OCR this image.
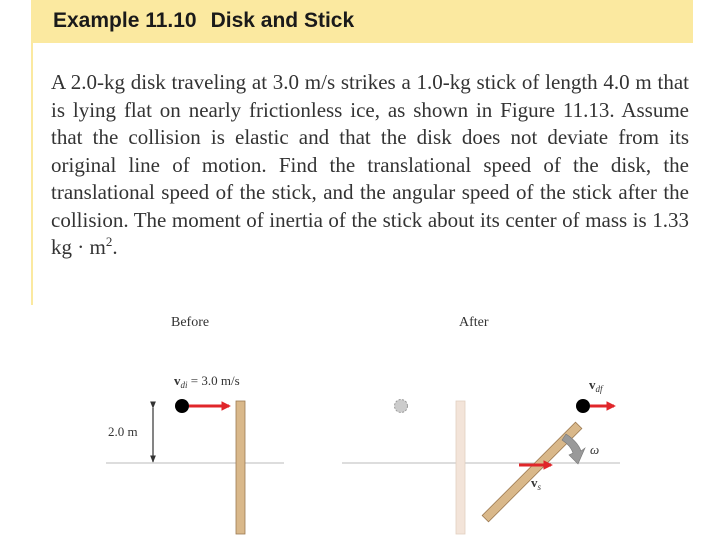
Example 11.10 Disk and Stick
A 2.0-kg disk traveling at 3.0 m/s strikes a 1.0-kg stick of length 4.0 m that is lying flat on nearly frictionless ice, as shown in Figure 11.13. Assume that the collision is elastic and that the disk does not deviate from its original line of motion. Find the translational speed of the disk, the translational speed of the stick, and the angular speed of the stick after the collision. The moment of inertia of the stick about its center of mass is 1.33 kg · $m^2$.
Before
$v_{di} = 3.0$ m/s
2.0 m
After
$v_s$
$v_{df}$
ω
